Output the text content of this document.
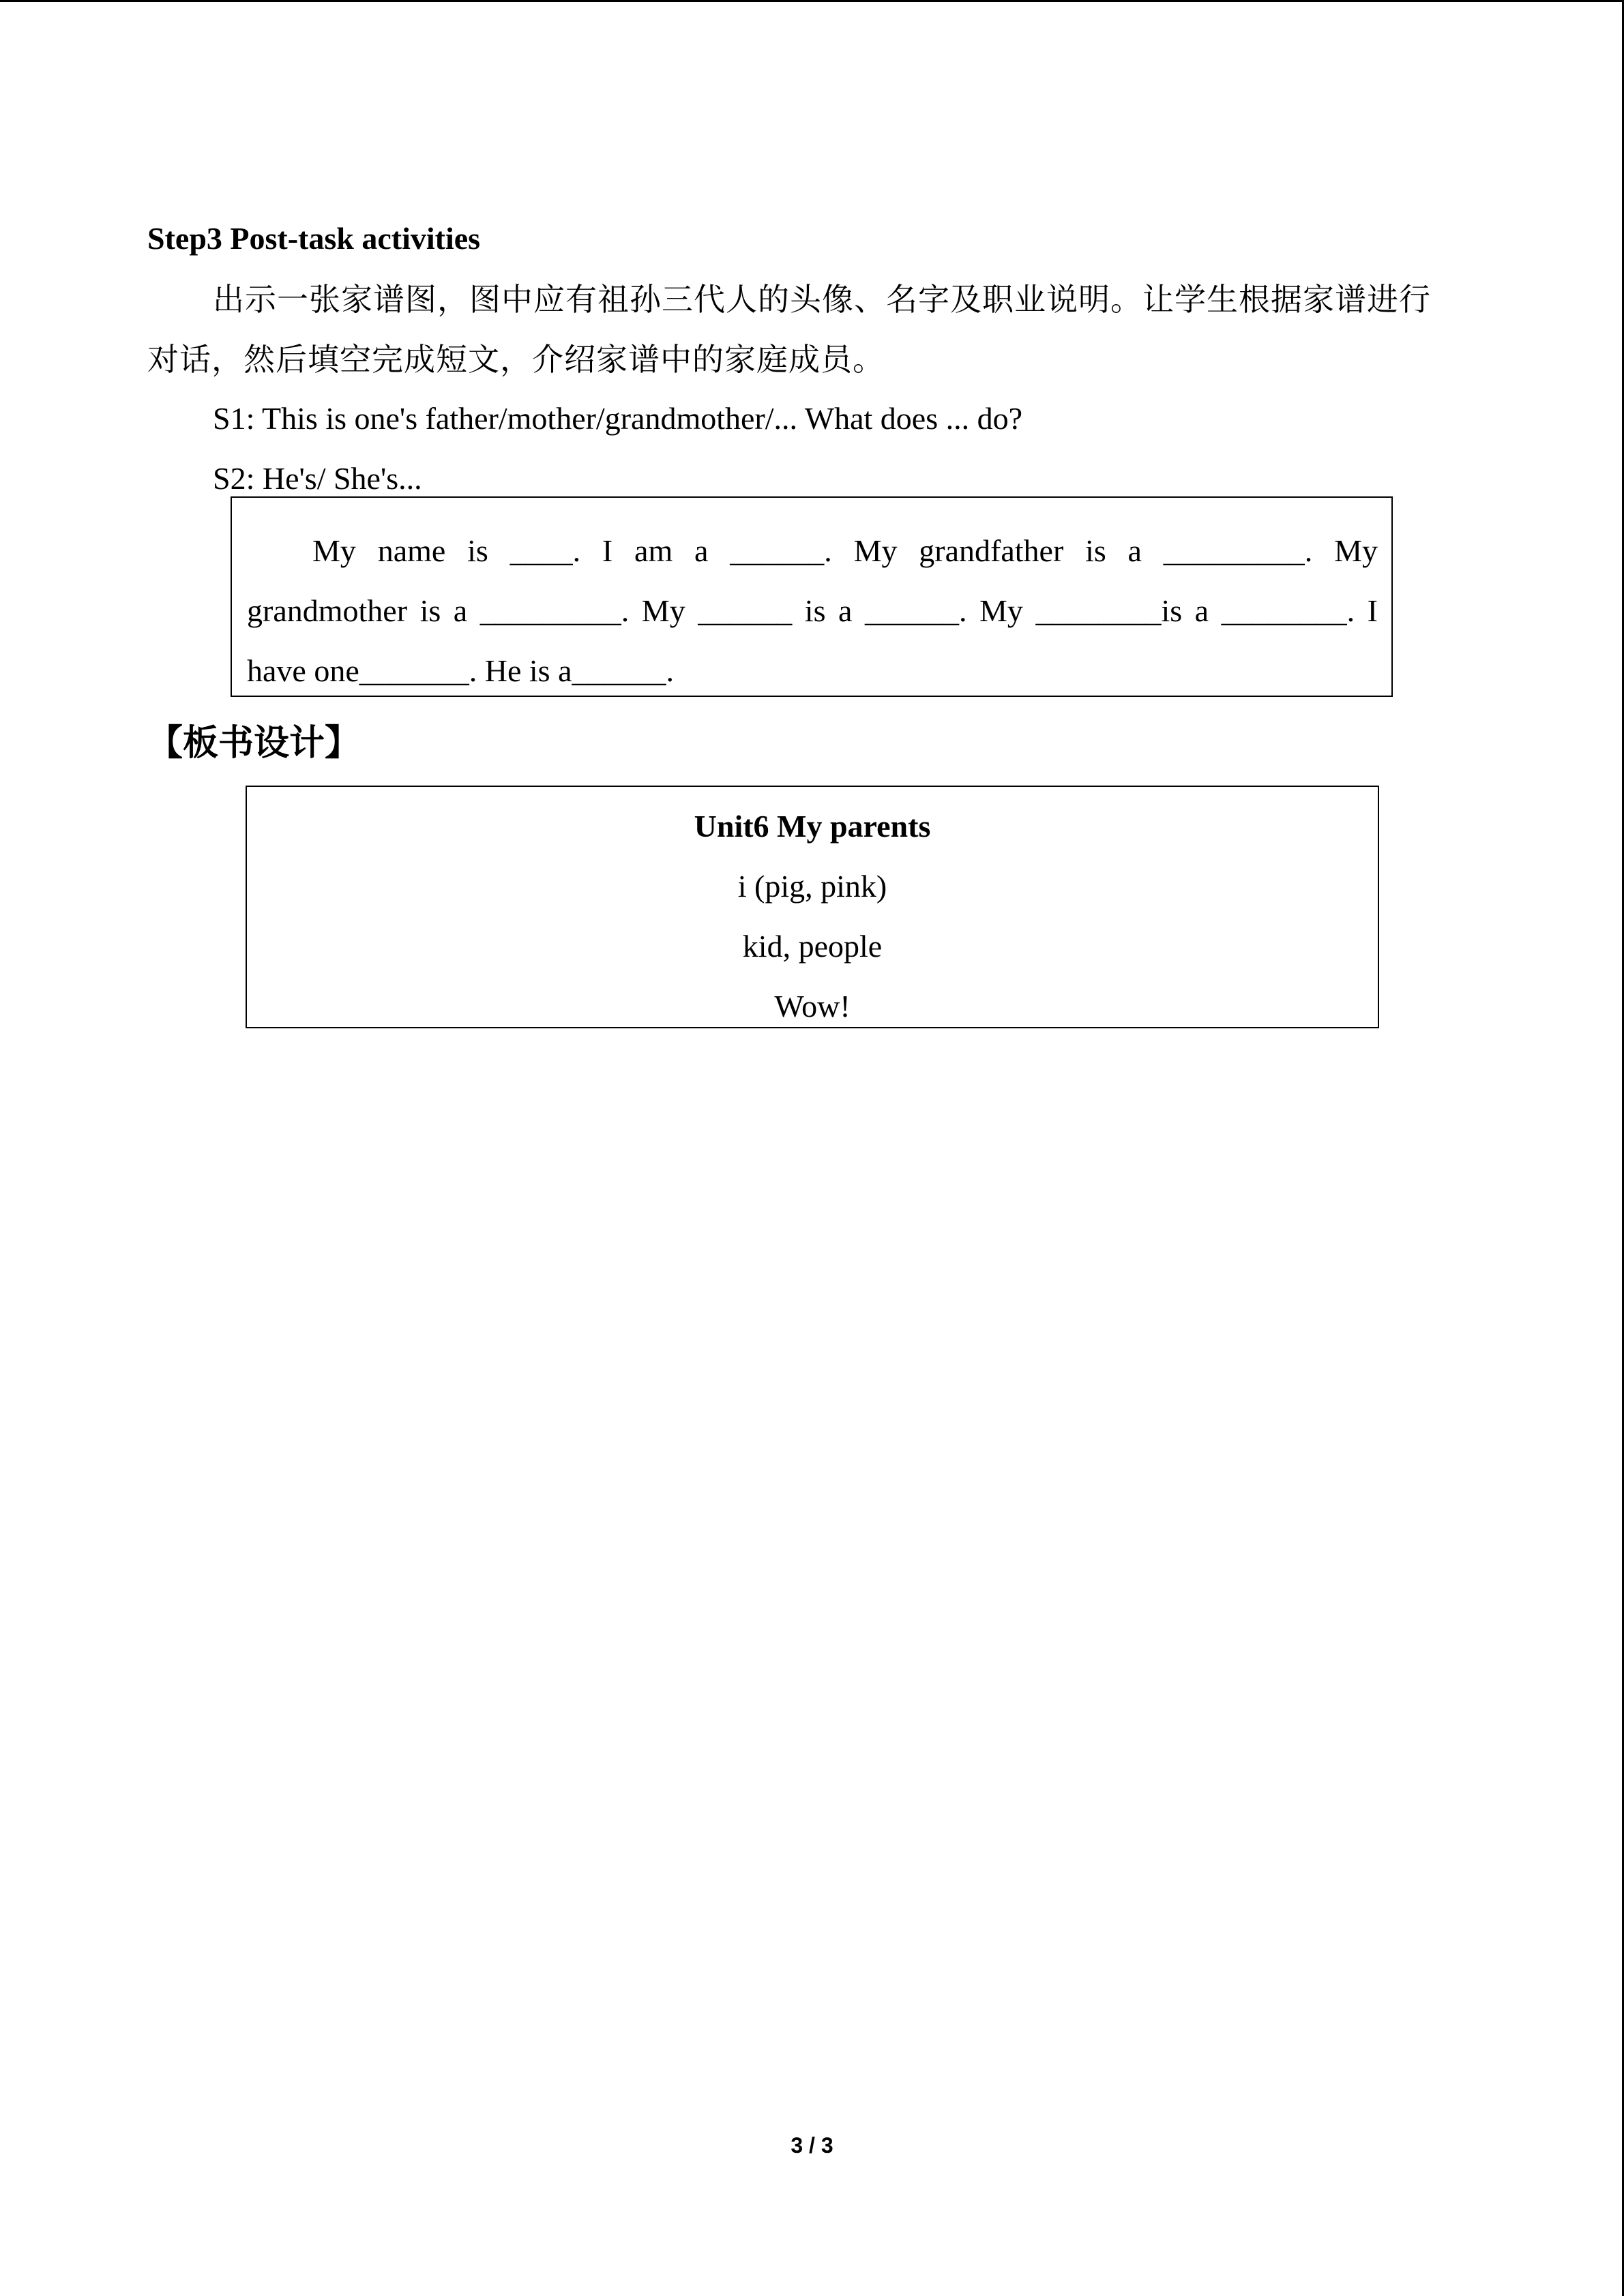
Step3 Post-task activities
出示一张家谱图，图中应有祖孙三代人的头像、名字及职业说明。让学生根据家谱进行对话，然后填空完成短文，介绍家谱中的家庭成员。
S1: This is one's father/mother/grandmother/... What does ... do?
S2: He's/ She's...
My name is ____. I am a ______. My grandfather is a _________. My
grandmother is a _________. My ______ is a ______. My ________is a ________. I
have one_______. He is a______.
【板书设计】
Unit6 My parents
i (pig, pink)
kid, people
Wow!
3 / 3
